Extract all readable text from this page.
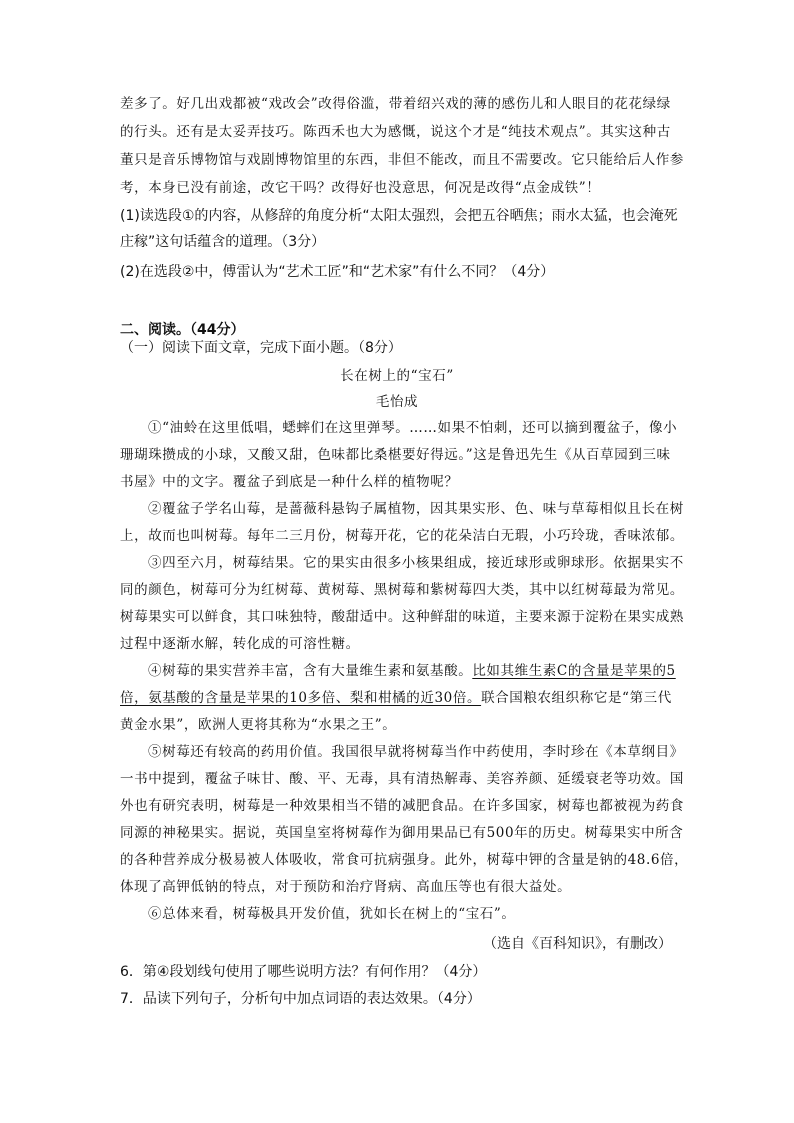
差多了。好几出戏都被“戏改会”改得俗滥，带着绍兴戏的薄的感伤儿和人眼目的花花绿绿
的行头。还有是太妥弄技巧。陈西禾也大为感慨，说这个才是“纯技术观点”。其实这种古
董只是音乐博物馆与戏剧博物馆里的东西，非但不能改，而且不需要改。它只能给后人作参
考，本身已没有前途，改它干吗？改得好也没意思，何况是改得“点金成铁”！
(1)读选段①的内容，从修辞的角度分析“太阳太强烈，会把五谷晒焦；雨水太猛，也会淹死
庄稼”这句话蕴含的道理。（3分）
(2)在选段②中，傅雷认为“艺术工匠”和“艺术家”有什么不同？（4分）
二、阅读。（44分）
（一）阅读下面文章，完成下面小题。（8分）
长在树上的“宝石”
毛怡成
①“油蛉在这里低唱，蟋蟀们在这里弹琴。……如果不怕刺，还可以摘到覆盆子，像小
珊瑚珠攒成的小球，又酸又甜，色味都比桑椹要好得远。”这是鲁迅先生《从百草园到三味
书屋》中的文字。覆盆子到底是一种什么样的植物呢？
②覆盆子学名山莓，是蔷薇科悬钩子属植物，因其果实形、色、味与草莓相似且长在树
上，故而也叫树莓。每年二三月份，树莓开花，它的花朵洁白无瑕，小巧玲珑，香味浓郁。
③四至六月，树莓结果。它的果实由很多小核果组成，接近球形或卵球形。依据果实不
同的颜色，树莓可分为红树莓、黄树莓、黑树莓和紫树莓四大类，其中以红树莓最为常见。
树莓果实可以鲜食，其口味独特，酸甜适中。这种鲜甜的味道，主要来源于淀粉在果实成熟
过程中逐渐水解，转化成的可溶性糖。
④树莓的果实营养丰富，含有大量维生素和氨基酸。比如其维生素C的含量是苹果的5
倍，氨基酸的含量是苹果的10多倍、梨和柑橘的近30倍。联合国粮农组织称它是“第三代
黄金水果”，欧洲人更将其称为“水果之王”。
⑤树莓还有较高的药用价值。我国很早就将树莓当作中药使用，李时珍在《本草纲目》
一书中提到，覆盆子味甘、酸、平、无毒，具有清热解毒、美容养颜、延缓衰老等功效。国
外也有研究表明，树莓是一种效果相当不错的减肥食品。在许多国家，树莓也都被视为药食
同源的神秘果实。据说，英国皇室将树莓作为御用果品已有500年的历史。树莓果实中所含
的各种营养成分极易被人体吸收，常食可抗病强身。此外，树莓中钾的含量是钠的48.6倍，
体现了高钾低钠的特点，对于预防和治疗肾病、高血压等也有很大益处。
⑥总体来看，树莓极具开发价值，犹如长在树上的“宝石”。
（选自《百科知识》，有删改）
6．第④段划线句使用了哪些说明方法？有何作用？（4分）
7．品读下列句子，分析句中加点词语的表达效果。（4分）
